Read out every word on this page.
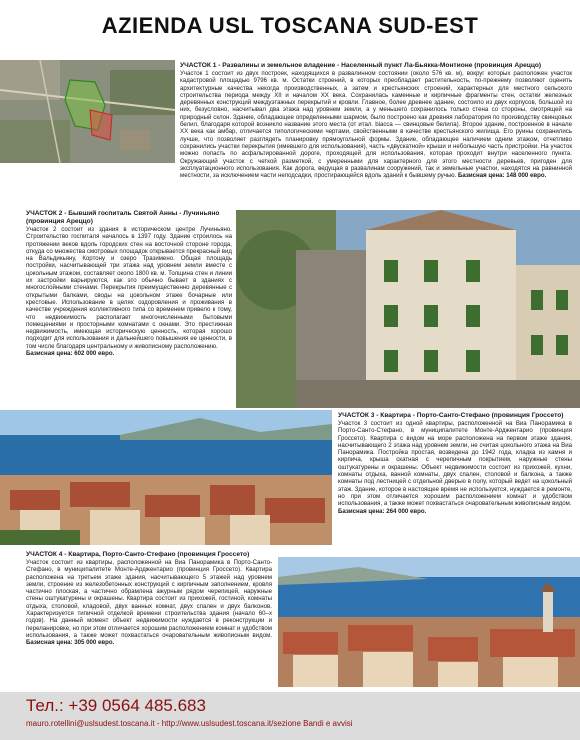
AZIENDA USL TOSCANA SUD-EST
УЧАСТОК 1 - Развалины и земельное владение - Населенный пункт Ла-Бьякка-Монтионе (провинция Ареццо)
Участок 1 состоит из двух построек, находящихся в развалинном состоянии (около 576 кв. м), вокруг которых расположен участок кадастровой площадью 9796 кв. м. Остатки строений, в которых преобладает растительность, по-прежнему позволяют оценить архитектурные качества некогда производственных, а затем и крестьянских строений, характерных для местного сельского строительства периода между XII и началом XX века. Сохранилась каменные и кирпичные фрагменты стен, остатки железных деревянных конструкций междуэтажных перекрытий и кровли. Главное, более древнее здание, состоило из двух корпусов, большой из них, безусловно, насчитывал два этажа над уровнем земли, а у меньшего сохранилось только стена со стороны, смотрящей на природный склон. Здание, обладающее определенными шармом, было построено как древняя лаборатория по производству свинцовых белил, благодаря которой возникло название этого места (от итал. biacca — свинцовые белила). Второе здание, построенное в начале XX века как амбар, отличается типологическими чертами, свойственными в качестве крестьянского жилища. Его руины сохранились лучше, что позволяет разглядеть планировку прямоугольной формы. Здание, обладающее наличием одним этажом, отчетливо сохранились участки перекрытия (имевшего для использования), часть «двускатной» крыши и небольшую часть пристройки. На участок можно попасть по асфальтированной дороге, проходящей для использования, которая проходит внутри населенного пункта. Окружающий участок с четкой разметкой, с умеренными для характерного для этого местности деревьев, пригоден для эксплуатационного использования. Как дорога, ведущая в развалинам сооружений, так и земельные участки, находятся на равнинной местности, за исключением части неподсадки, простирающейся вдоль зданий к бывшему ручью. Базисная цена: 148 000 евро.
УЧАСТОК 2 - Бывший госпиталь Святой Анны - Лучиньяно (провинция Ареццо)
Участок 2 состоит из здания в историческом центре Лучиньяно. Строительство госпиталя началось в 1397 году. Здание строилось на протяжении веков вдоль городских стен на восточной стороне города, откуда со множества смотровых площадок открывается прекрасный вид на Вальдикьяну, Кортону и озеро Тразимено. Общая площадь постройки, насчитывающей три этажа над уровнем земли вместе с цокольным этажом, составляет около 1800 кв. м. Толщина стен и линии их застройки варьируются, как это обычно бывает в зданиях с многослойными стенами. Перекрытия преимущественно деревянные с открытыми балками, своды на цокольном этаже бочарные или крестовые. Использование в целях оздоровления и проживания в качестве учреждения коллективного типа со временем привело к тому, что недвижимость располагает многочисленными бытовыми помещениями и просторными комнатами с окнами. Это престижная недвижимость, имеющая историческую ценность, которая хорошо подходит для использования и дальнейшего повышения ее ценности, в том числе благодаря центральному и живописному расположению.
Базисная цена: 602 000 евро.
УЧАСТОК 3 - Квартира - Порто-Санто-Стефано (провинция Гроссето)
Участок 3 состоит из одной квартиры, расположенной на Виа Панорамика в Порто-Санто-Стефано, в муниципалитете Монте-Арджентарио (провинция Гроссето). Квартира с видом на море расположена на первом этаже здания, насчитывающего 2 этажа над уровнем земли, не считая цокольного этажа на Виа Панорамика. Постройка простая, возведена до 1942 года, кладка из камня и кирпича, крыша скатная с черепичным покрытием, наружные стены оштукатурены и окрашены. Объект недвижимости состоит из прихожей, кухни, комнаты отдыха, ванной комнаты, двух спален, столовой и балкона, а также комнаты под лестницей с отдельной дверью в полу, который ведет на цокольный этаж. Здание, которое в настоящее время не используется, нуждается в ремонте, но при этом отличается хорошим расположением комнат и удобством использования, а также может похвастаться очаровательным живописным видом.
Базисная цена: 264 000 евро.
УЧАСТОК 4 - Квартира, Порто-Санто-Стефано (провинция Гроссето)
Участок состоит из квартиры, расположенной на Виа Панорамика в Порто-Санто-Стефано, в муниципалитете Монте-Арджентарио (провинция Гроссето). Квартира расположена на третьем этаже здания, насчитывающего 5 этажей над уровнем земли, строение из железобетонных конструкций с кирпичным заполнением, кровля частично плоская, а частично обрамлена ажурным рядом черепицей, наружные стены оштукатурены и окрашены. Квартира состоит из прихожей, гостиной, комнаты отдыха, столовой, кладовой, двух ванных комнат, двух спален и двух балконов. Характеризуется типичной отделкой времени строительства здания (начало 60–х годов). На данный момент объект недвижимости нуждается в реконструкции и переланировке, но при этом отличается хорошим расположением комнат и удобством использования, а также может похвастаться очаровательным живописным видом. Базисная цена: 305 000 евро.
Тел.: +39 0564 485.683
mauro.rotellini@uslsudest.toscana.it - http://www.uslsudest.toscana.it/sezione Bandi e avvisi
